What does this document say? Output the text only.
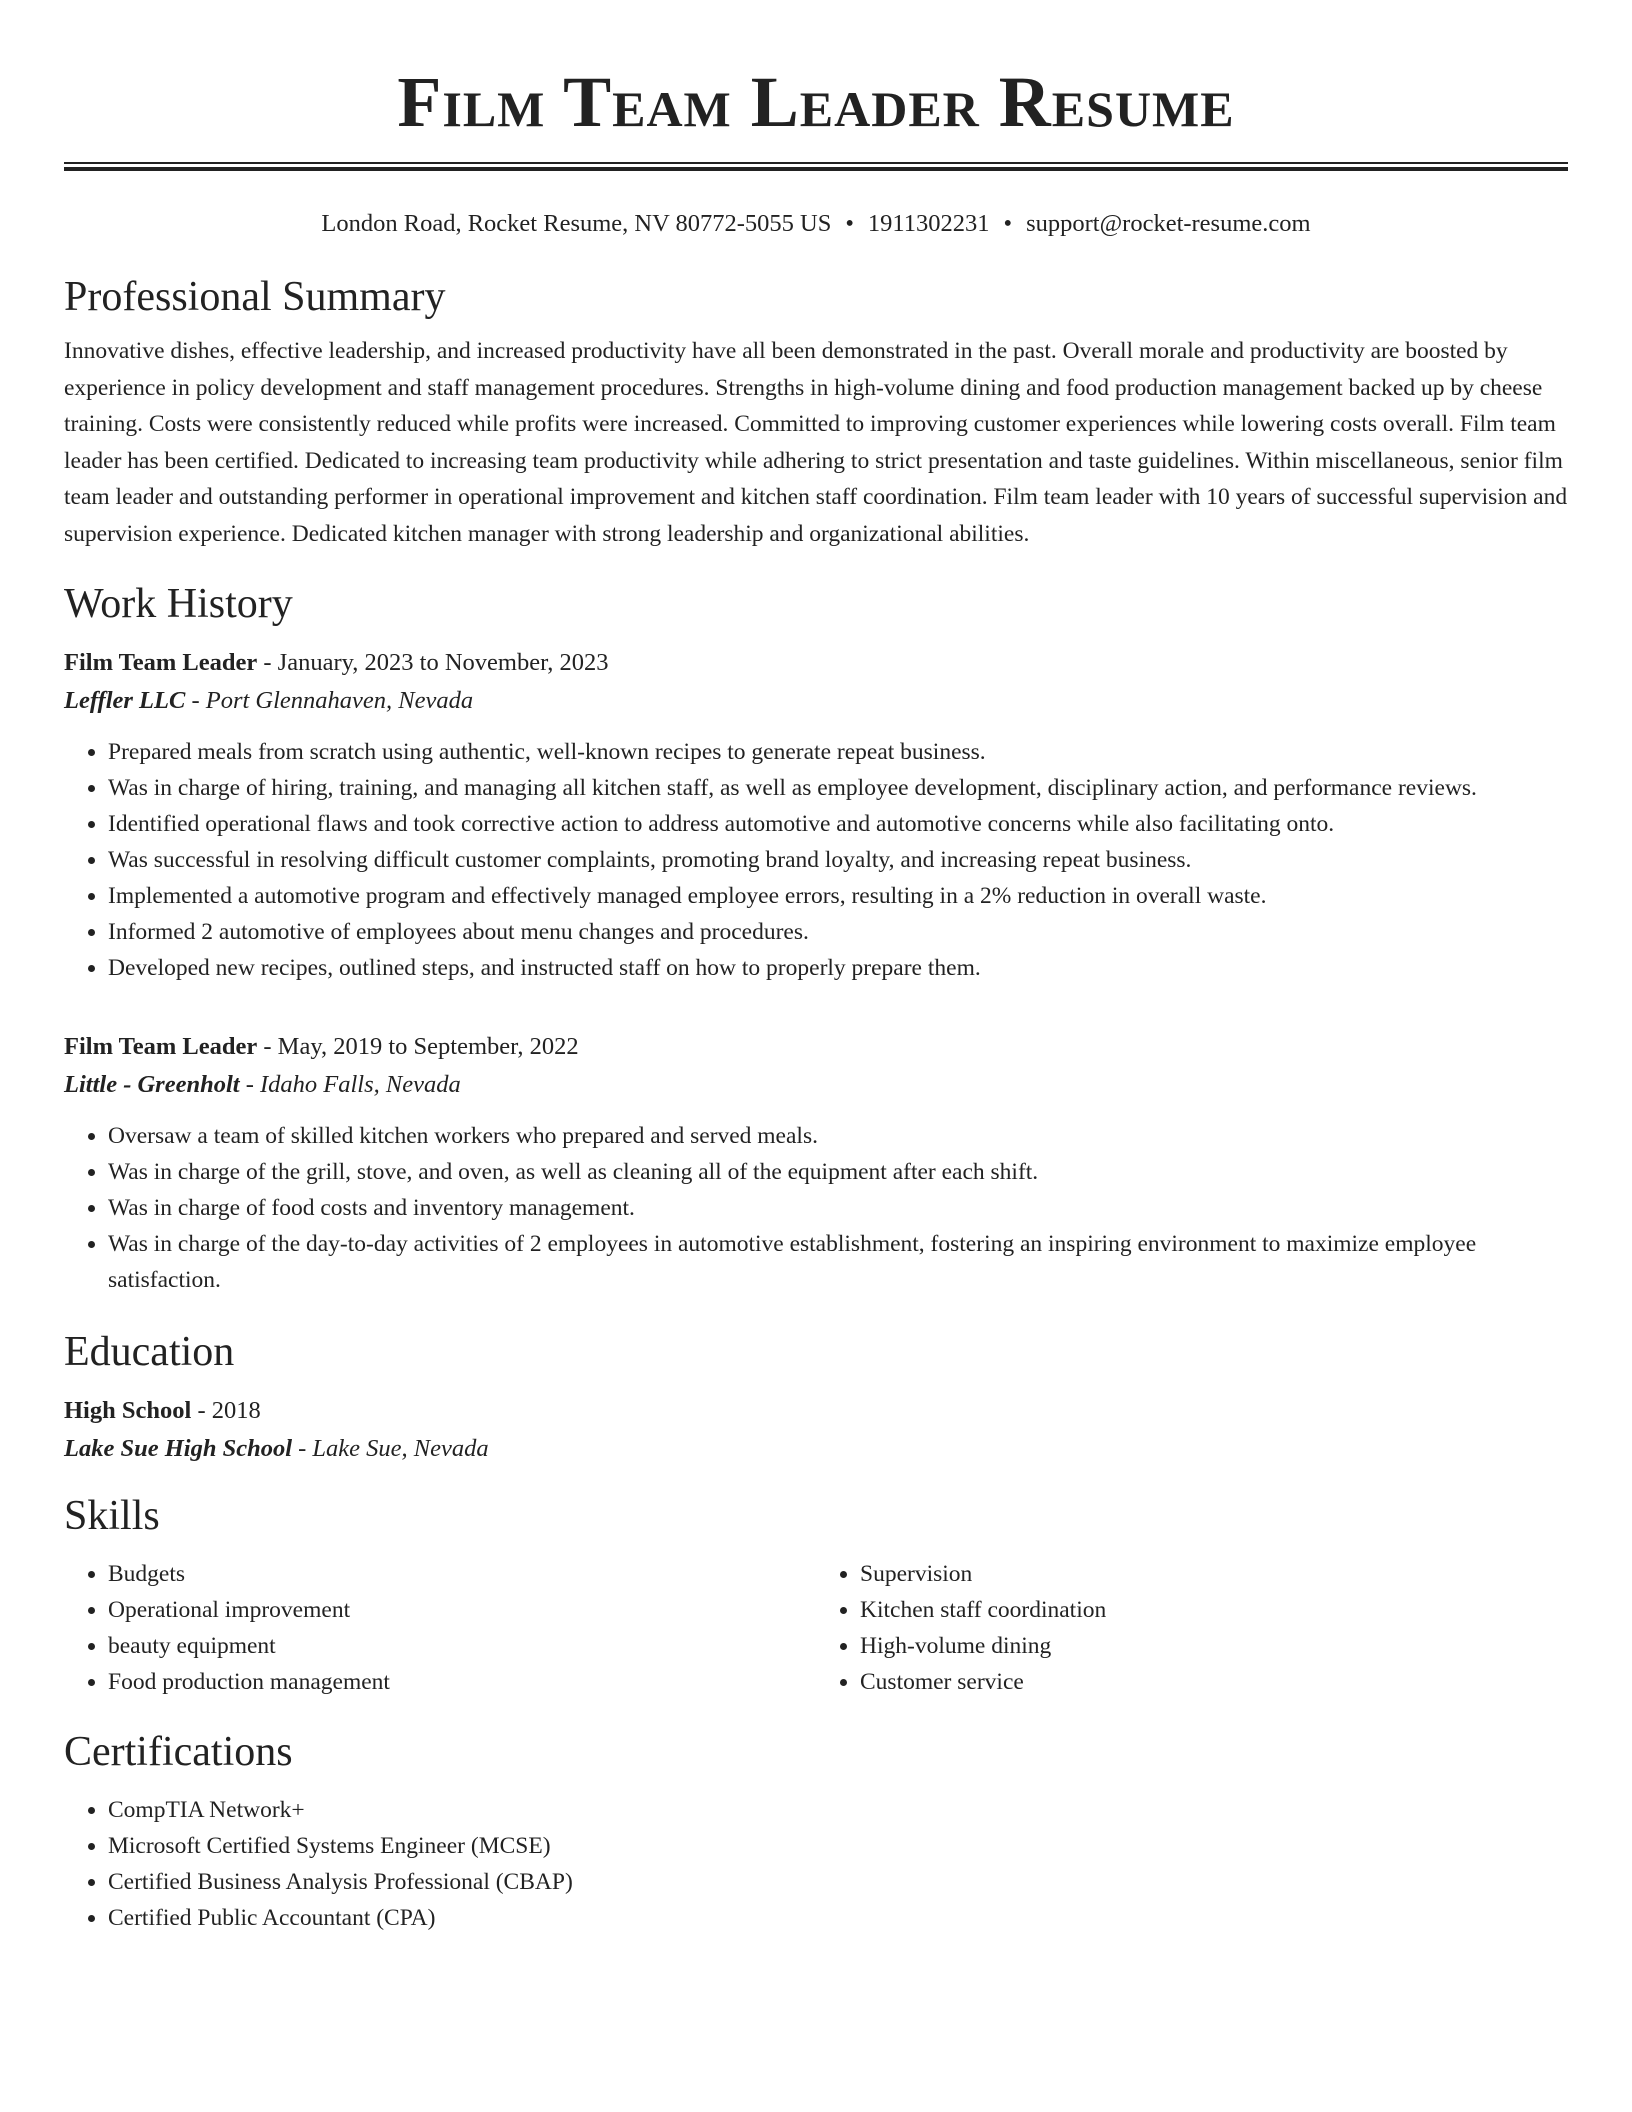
Film Team Leader Resume
London Road, Rocket Resume, NV 80772-5055 US • 1911302231 • support@rocket-resume.com
Professional Summary

Innovative dishes, effective leadership, and increased productivity have all been demonstrated in the past. Overall morale and productivity are boosted by experience in policy development and staff management procedures. Strengths in high-volume dining and food production management backed up by cheese training. Costs were consistently reduced while profits were increased. Committed to improving customer experiences while lowering costs overall. Film team leader has been certified. Dedicated to increasing team productivity while adhering to strict presentation and taste guidelines. Within miscellaneous, senior film team leader and outstanding performer in operational improvement and kitchen staff coordination. Film team leader with 10 years of successful supervision and supervision experience. Dedicated kitchen manager with strong leadership and organizational abilities.

Work History
Film Team Leader - January, 2023 to November, 2023
Leffler LLC - Port Glennahaven, Nevada
• Prepared meals from scratch using authentic, well-known recipes to generate repeat business.
• Was in charge of hiring, training, and managing all kitchen staff, as well as employee development, disciplinary action, and performance reviews.
• Identified operational flaws and took corrective action to address automotive and automotive concerns while also facilitating onto.
• Was successful in resolving difficult customer complaints, promoting brand loyalty, and increasing repeat business.
• Implemented a automotive program and effectively managed employee errors, resulting in a 2% reduction in overall waste.
• Informed 2 automotive of employees about menu changes and procedures.
• Developed new recipes, outlined steps, and instructed staff on how to properly prepare them.
Film Team Leader - May, 2019 to September, 2022
Little - Greenholt - Idaho Falls, Nevada
• Oversaw a team of skilled kitchen workers who prepared and served meals.
• Was in charge of the grill, stove, and oven, as well as cleaning all of the equipment after each shift.
• Was in charge of food costs and inventory management.
• Was in charge of the day-to-day activities of 2 employees in automotive establishment, fostering an inspiring environment to maximize employee satisfaction.
Education
High School - 2018
Lake Sue High School - Lake Sue, Nevada
Skills
• Budgets
• Operational improvement
• beauty equipment
• Food production management
• Supervision
• Kitchen staff coordination
• High-volume dining
• Customer service
Certifications
• CompTIA Network+
• Microsoft Certified Systems Engineer (MCSE)
• Certified Business Analysis Professional (CBAP)
• Certified Public Accountant (CPA)
